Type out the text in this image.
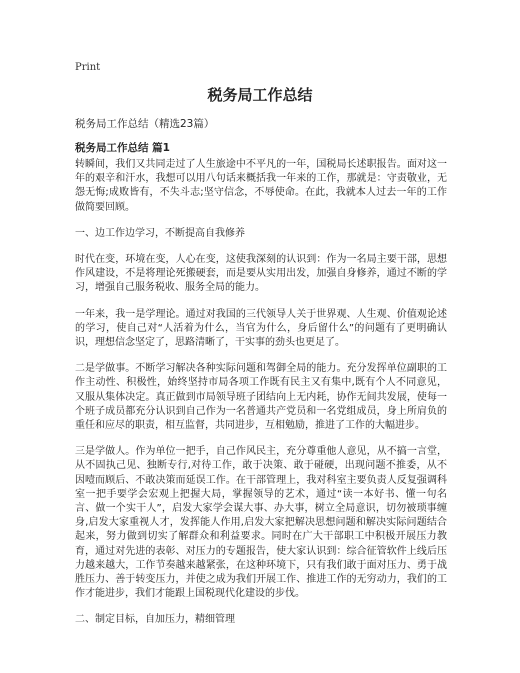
Print
税务局工作总结
税务局工作总结（精选23篇）
税务局工作总结 篇1

转瞬间，我们又共同走过了人生旅途中不平凡的一年，国税局长述职报告。面对这一年的艰辛和汗水，我想可以用八句话来概括我一年来的工作，那就是：守责敬业，无怨无悔;成败皆有，不失斗志;坚守信念，不辱使命。在此，我就本人过去一年的工作做简要回顾。

一、边工作边学习，不断提高自我修养

时代在变，环境在变，人心在变，这使我深刻的认识到：作为一名局主要干部，思想作风建设，不是将理论死搬硬套，而是要从实用出发，加强自身修养，通过不断的学习，增强自己服务税收、服务全局的能力。

一年来，我一是学理论。通过对我国的三代领导人关于世界观、人生观、价值观论述的学习，使自己对“人活着为什么，当官为什么，身后留什么”的问题有了更明确认识，理想信念坚定了，思路清晰了，干实事的劲头也更足了。

二是学做事。不断学习解决各种实际问题和驾御全局的能力。充分发挥单位副职的工作主动性、积极性，始终坚持市局各项工作既有民主又有集中,既有个人不同意见，又服从集体决定。真正做到市局领导班子团结向上无内耗，协作无间共发展，使每一个班子成员都充分认识到自己作为一名普通共产党员和一名党组成员，身上所肩负的重任和应尽的职责，相互监督，共同进步，互相勉励，推进了工作的大幅进步。

三是学做人。作为单位一把手，自己作风民主，充分尊重他人意见，从不搞一言堂，从不固执己见、独断专行,对待工作，敢于决策、敢于碰硬，出现问题不推委，从不因噎而顾后、不敢决策而延误工作。在干部管理上，我对科室主要负责人反复强调科室一把手要学会宏观上把握大局，掌握领导的艺术，通过“读一本好书、懂一句名言、做一个实干人”，启发大家学会谋大事、办大事，树立全局意识，切勿被琐事缠身,启发大家重视人才，发挥能人作用,启发大家把解决思想问题和解决实际问题结合起来，努力做到切实了解群众和利益要求。同时在广大干部职工中积极开展压力教育，通过对先进的表彰、对压力的专题报告，使大家认识到：综合征管软件上线后压力越来越大，工作节奏越来越紧张，在这种环境下，只有我们敢于面对压力、勇于战胜压力、善于转变压力，并使之成为我们开展工作、推进工作的无穷动力，我们的工作才能进步，我们才能跟上国税现代化建设的步伐。

二、制定目标，自加压力，精细管理
